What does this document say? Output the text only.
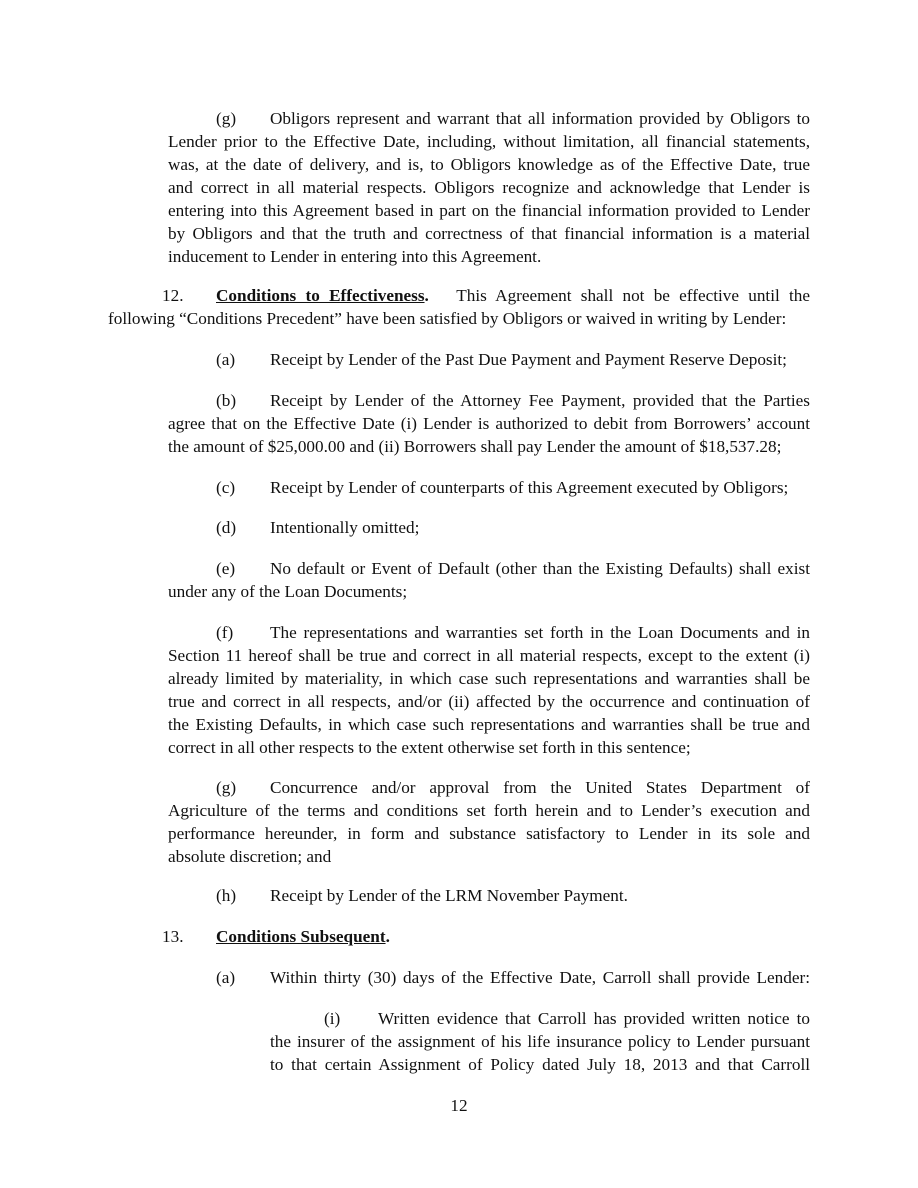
(g) Obligors represent and warrant that all information provided by Obligors to
Lender prior to the Effective Date, including, without limitation, all financial statements,
was, at the date of delivery, and is, to Obligors knowledge as of the Effective Date, true
and correct in all material respects. Obligors recognize and acknowledge that Lender is
entering into this Agreement based in part on the financial information provided to Lender
by Obligors and that the truth and correctness of that financial information is a material
inducement to Lender in entering into this Agreement.
12. Conditions to Effectiveness. This Agreement shall not be effective until the
following “Conditions Precedent” have been satisfied by Obligors or waived in writing by Lender:
(a) Receipt by Lender of the Past Due Payment and Payment Reserve Deposit;
(b) Receipt by Lender of the Attorney Fee Payment, provided that the Parties
agree that on the Effective Date (i) Lender is authorized to debit from Borrowers’ account
the amount of $25,000.00 and (ii) Borrowers shall pay Lender the amount of $18,537.28;
(c) Receipt by Lender of counterparts of this Agreement executed by Obligors;
(d) Intentionally omitted;
(e) No default or Event of Default (other than the Existing Defaults) shall exist
under any of the Loan Documents;
(f) The representations and warranties set forth in the Loan Documents and in
Section 11 hereof shall be true and correct in all material respects, except to the extent (i)
already limited by materiality, in which case such representations and warranties shall be
true and correct in all respects, and/or (ii) affected by the occurrence and continuation of
the Existing Defaults, in which case such representations and warranties shall be true and
correct in all other respects to the extent otherwise set forth in this sentence;
(g) Concurrence and/or approval from the United States Department of
Agriculture of the terms and conditions set forth herein and to Lender’s execution and
performance hereunder, in form and substance satisfactory to Lender in its sole and
absolute discretion; and
(h) Receipt by Lender of the LRM November Payment.
13. Conditions Subsequent.
(a) Within thirty (30) days of the Effective Date, Carroll shall provide Lender:
(i) Written evidence that Carroll has provided written notice to
the insurer of the assignment of his life insurance policy to Lender pursuant
to that certain Assignment of Policy dated July 18, 2013 and that Carroll
12
